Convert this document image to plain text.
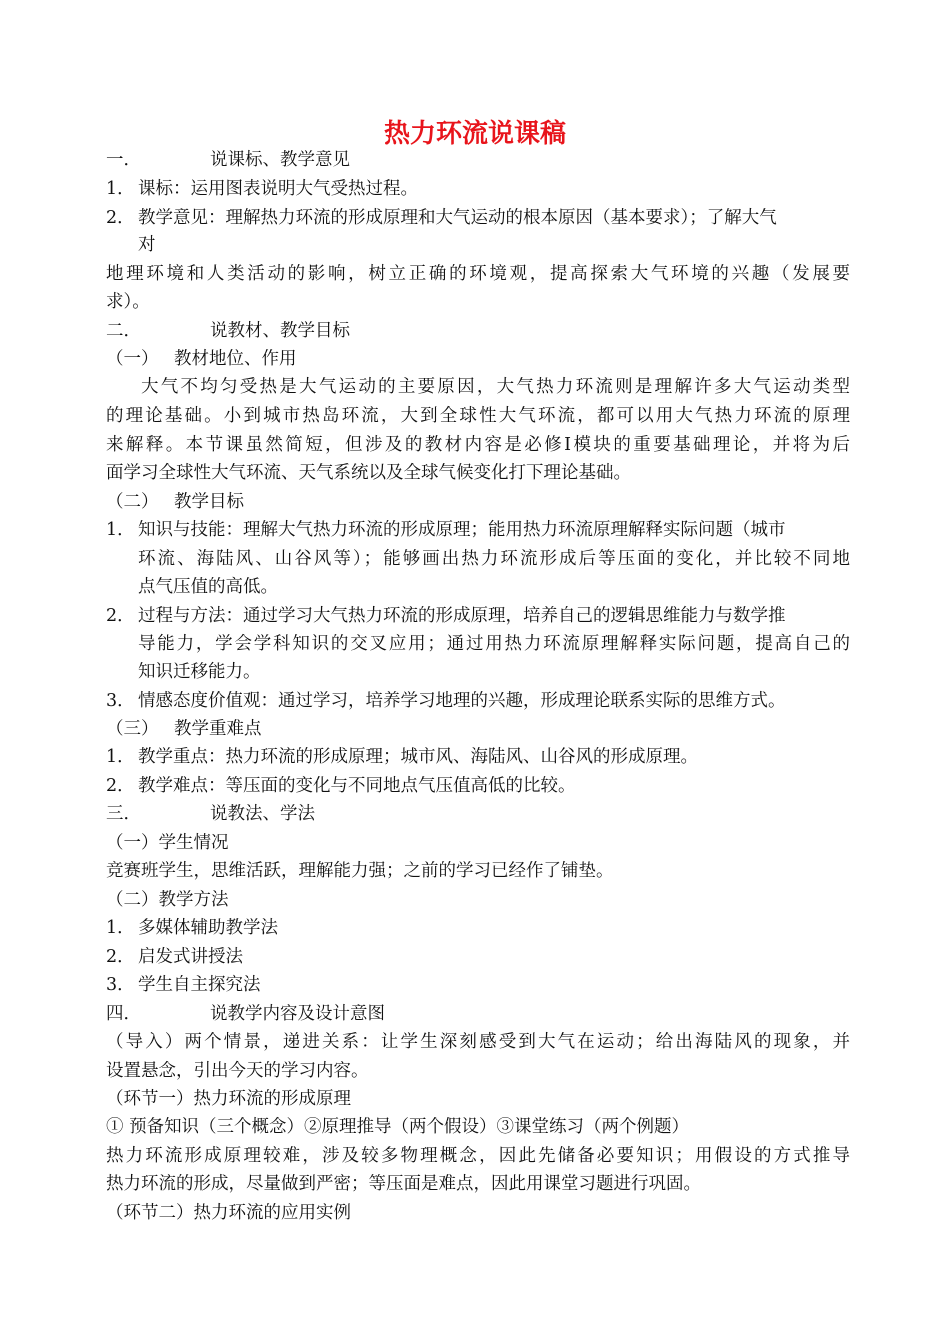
热力环流说课稿
一．	说课标、教学意见
1． 课标：运用图表说明大气受热过程。
2． 教学意见：理解热力环流的形成原理和大气运动的根本原因（基本要求）；了解大气
对
地理环境和人类活动的影响，树立正确的环境观，提高探索大气环境的兴趣（发展要
求）。
二．	说教材、教学目标
（一） 教材地位、作用
大气不均匀受热是大气运动的主要原因，大气热力环流则是理解许多大气运动类型
的理论基础。小到城市热岛环流，大到全球性大气环流，都可以用大气热力环流的原理
来解释。本节课虽然简短，但涉及的教材内容是必修Ⅰ模块的重要基础理论，并将为后
面学习全球性大气环流、天气系统以及全球气候变化打下理论基础。
（二） 教学目标
1． 知识与技能：理解大气热力环流的形成原理；能用热力环流原理解释实际问题（城市
环流、海陆风、山谷风等）；能够画出热力环流形成后等压面的变化，并比较不同地
点气压值的高低。
2． 过程与方法：通过学习大气热力环流的形成原理，培养自己的逻辑思维能力与数学推
导能力，学会学科知识的交叉应用；通过用热力环流原理解释实际问题，提高自己的
知识迁移能力。
3． 情感态度价值观：通过学习，培养学习地理的兴趣，形成理论联系实际的思维方式。
（三） 教学重难点
1． 教学重点：热力环流的形成原理；城市风、海陆风、山谷风的形成原理。
2． 教学难点：等压面的变化与不同地点气压值高低的比较。
三．	说教法、学法
（一）学生情况
竞赛班学生，思维活跃，理解能力强；之前的学习已经作了铺垫。
（二）教学方法
1． 多媒体辅助教学法
2． 启发式讲授法
3． 学生自主探究法
四．	说教学内容及设计意图
（导入）两个情景，递进关系：让学生深刻感受到大气在运动；给出海陆风的现象，并
设置悬念，引出今天的学习内容。
（环节一）热力环流的形成原理
① 预备知识（三个概念）②原理推导（两个假设）③课堂练习（两个例题）
热力环流形成原理较难，涉及较多物理概念，因此先储备必要知识；用假设的方式推导
热力环流的形成，尽量做到严密；等压面是难点，因此用课堂习题进行巩固。
（环节二）热力环流的应用实例
